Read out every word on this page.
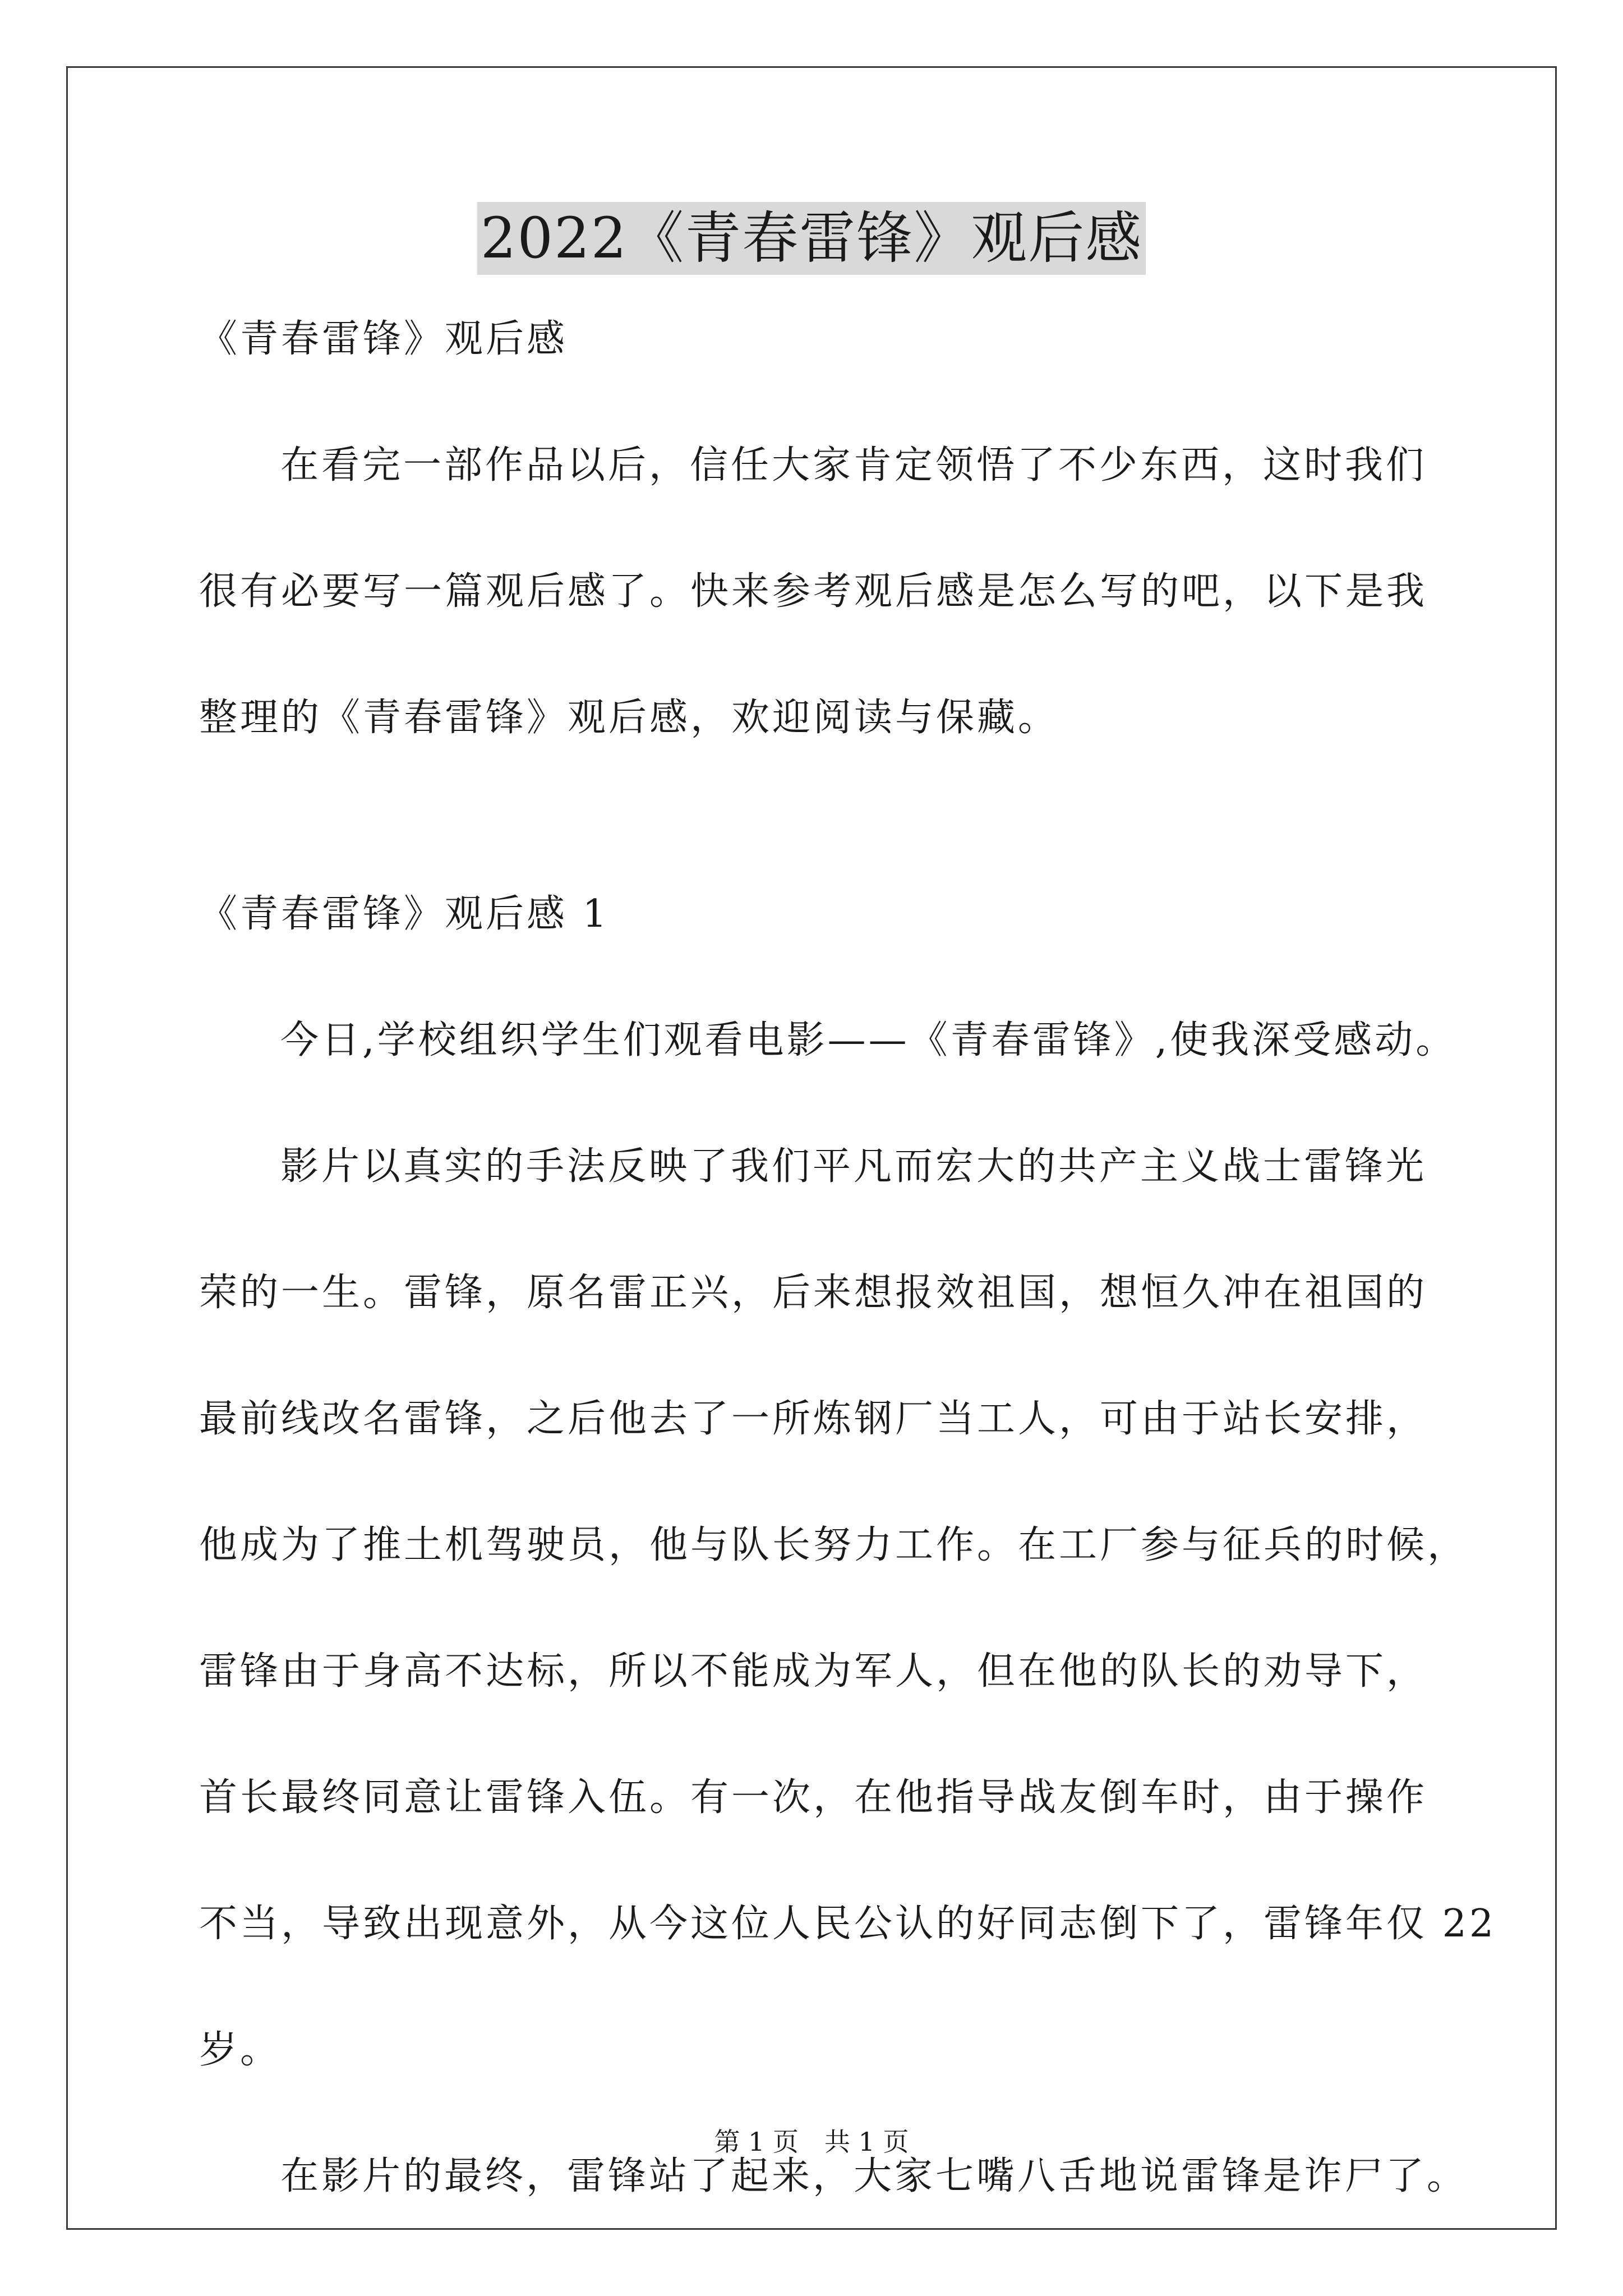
2022《青春雷锋》观后感
《青春雷锋》观后感
在看完一部作品以后，信任大家肯定领悟了不少东西，这时我们
很有必要写一篇观后感了。快来参考观后感是怎么写的吧，以下是我
整理的《青春雷锋》观后感，欢迎阅读与保藏。
《青春雷锋》观后感 1
今日,学校组织学生们观看电影——《青春雷锋》,使我深受感动。
影片以真实的手法反映了我们平凡而宏大的共产主义战士雷锋光
荣的一生。雷锋，原名雷正兴，后来想报效祖国，想恒久冲在祖国的
最前线改名雷锋，之后他去了一所炼钢厂当工人，可由于站长安排，
他成为了推土机驾驶员，他与队长努力工作。在工厂参与征兵的时候，
雷锋由于身高不达标，所以不能成为军人，但在他的队长的劝导下，
首长最终同意让雷锋入伍。有一次，在他指导战友倒车时，由于操作
不当，导致出现意外，从今这位人民公认的好同志倒下了，雷锋年仅 22
岁。
在影片的最终，雷锋站了起来，大家七嘴八舌地说雷锋是诈尸了。
第 1 页　共 1 页
